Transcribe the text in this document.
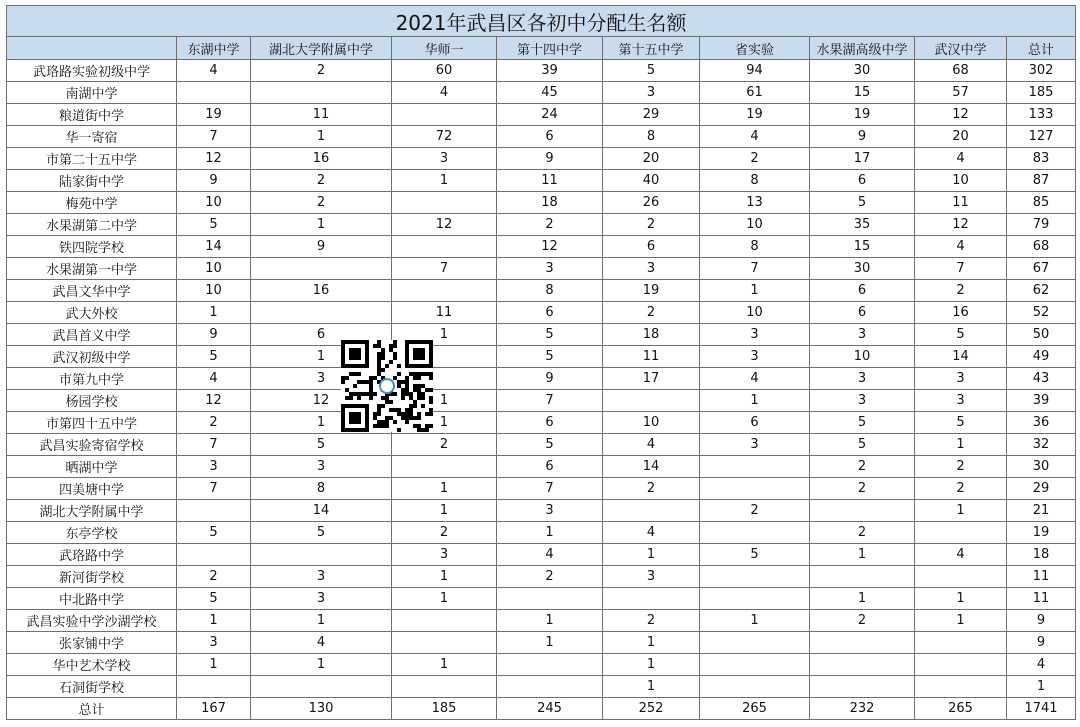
2021年武昌区各初中分配生名额									
	东湖中学	湖北大学附属中学	华师一	第十四中学	第十五中学	省实验	水果湖高级中学	武汉中学	总计
武珞路实验初级中学	4	2	60	39	5	94	30	68	302
南湖中学			4	45	3	61	15	57	185
粮道街中学	19	11		24	29	19	19	12	133
华一寄宿	7	1	72	6	8	4	9	20	127
市第二十五中学	12	16	3	9	20	2	17	4	83
陆家街中学	9	2	1	11	40	8	6	10	87
梅苑中学	10	2		18	26	13	5	11	85
水果湖第二中学	5	1	12	2	2	10	35	12	79
铁四院学校	14	9		12	6	8	15	4	68
水果湖第一中学	10		7	3	3	7	30	7	67
武昌文华中学	10	16		8	19	1	6	2	62
武大外校	1		11	6	2	10	6	16	52
武昌首义中学	9	6	1	5	18	3	3	5	50
武汉初级中学	5	1		5	11	3	10	14	49
市第九中学	4	3		9	17	4	3	3	43
杨园学校	12	12	1	7		1	3	3	39
市第四十五中学	2	1	1	6	10	6	5	5	36
武昌实验寄宿学校	7	5	2	5	4	3	5	1	32
晒湖中学	3	3		6	14		2	2	30
四美塘中学	7	8	1	7	2		2	2	29
湖北大学附属中学		14	1	3		2		1	21
东亭学校	5	5	2	1	4		2		19
武珞路中学			3	4	1	5	1	4	18
新河街学校	2	3	1	2	3				11
中北路中学	5	3	1				1	1	11
武昌实验中学沙湖学校	1	1		1	2	1	2	1	9
张家铺中学	3	4		1	1				9
华中艺术学校	1	1	1		1				4
石洞街学校					1				1
总计	167	130	185	245	252	265	232	265	1741
